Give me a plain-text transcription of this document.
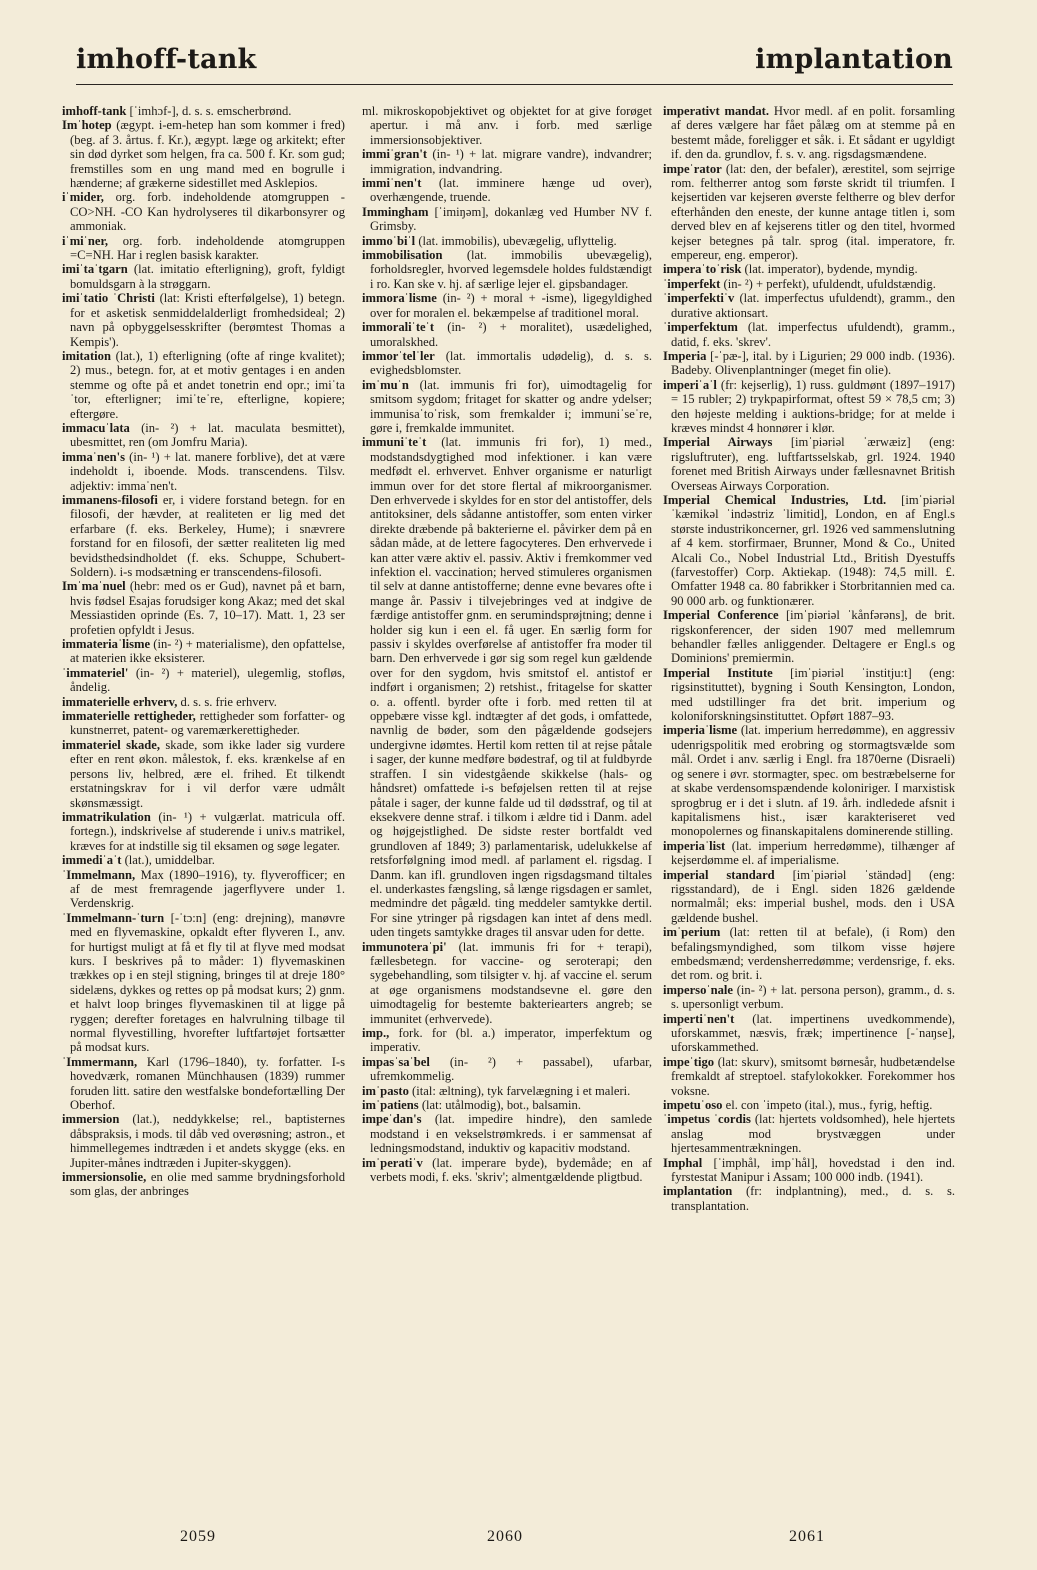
imhoff-tank	implantation

imhoff-tank [ˈimhɔf-], d. s. s. emscherbrønd.

Imˈhotep (ægypt. i-em-hetep han som kommer i fred) (beg. af 3. årtus. f. Kr.), ægypt. læge og arkitekt; efter sin død dyrket som helgen, fra ca. 500 f. Kr. som gud; fremstilles som en ung mand med en bogrulle i hænderne; af grækerne sidestillet med Asklepios.

iˈmider, org. forb. indeholdende atomgruppen -CO>NH. -CO Kan hydrolyseres til dikarbonsyrer og ammoniak.

iˈmiˈner, org. forb. indeholdende atomgruppen =C=NH. Har i reglen basisk karakter.

imiˈtaˈtgarn (lat. imitatio efterligning), groft, fyldigt bomuldsgarn à la strøggarn.

imiˈtatio ˈChristi (lat: Kristi efterfølgelse), 1) betegn. for et asketisk senmiddelalderligt fromhedsideal; 2) navn på opbyggelsesskrifter (berømtest Thomas a Kempis').

imitation (lat.), 1) efterligning (ofte af ringe kvalitet); 2) mus., betegn. for, at et motiv gentages i en anden stemme og ofte på et andet tonetrin end opr.; imiˈtaˈtor, efterligner; imiˈteˈre, efterligne, kopiere; eftergøre.

immacuˈlata (in- ²) + lat. maculata besmittet), ubesmittet, ren (om Jomfru Maria).

immaˈnen's (in- ¹) + lat. manere forblive), det at være indeholdt i, iboende. Mods. transcendens. Tilsv. adjektiv: immaˈnen't.

immanens-filosofi er, i videre forstand betegn. for en filosofi, der hævder, at realiteten er lig med det erfarbare (f. eks. Berkeley, Hume); i snævrere forstand for en filosofi, der sætter realiteten lig med bevidsthedsindholdet (f. eks. Schuppe, Schubert-Soldern). i-s modsætning er transcendens-filosofi.

Imˈmaˈnuel (hebr: med os er Gud), navnet på et barn, hvis fødsel Esajas forudsiger kong Akaz; med det skal Messiastiden oprinde (Es. 7, 10–17). Matt. 1, 23 ser profetien opfyldt i Jesus.

immateriaˈlisme (in- ²) + materialisme), den opfattelse, at materien ikke eksisterer.

ˈimmateriel' (in- ²) + materiel), ulegemlig, stofløs, åndelig.

immaterielle erhverv, d. s. s. frie erhverv.

immaterielle rettigheder, rettigheder som forfatter- og kunstnerret, patent- og varemærkerettigheder.

immateriel skade, skade, som ikke lader sig vurdere efter en rent økon. målestok, f. eks. krænkelse af en persons liv, helbred, ære el. frihed. Et tilkendt erstatningskrav for i vil derfor være udmålt skønsmæssigt.

immatrikulation (in- ¹) + vulgærlat. matricula off. fortegn.), indskrivelse af studerende i univ.s matrikel, kræves for at indstille sig til eksamen og søge legater.

immediˈaˈt (lat.), umiddelbar.

ˈImmelmann, Max (1890–1916), ty. flyverofficer; en af de mest fremragende jagerflyvere under 1. Verdenskrig.

ˈImmelmann-ˈturn [-ˈtɔ:n] (eng: drejning), manøvre med en flyvemaskine, opkaldt efter flyveren I., anv. for hurtigst muligt at få et fly til at flyve med modsat kurs. I beskrives på to måder: 1) flyvemaskinen trækkes op i en stejl stigning, bringes til at dreje 180° sidelæns, dykkes og rettes op på modsat kurs; 2) gnm. et halvt loop bringes flyvemaskinen til at ligge på ryggen; derefter foretages en halvrulning tilbage til normal flyvestilling, hvorefter luftfartøjet fortsætter på modsat kurs.

ˈImmermann, Karl (1796–1840), ty. forfatter. I-s hovedværk, romanen Münchhausen (1839) rummer foruden litt. satire den westfalske bondefortælling Der Oberhof.

immersion (lat.), neddykkelse; rel., baptisternes dåbspraksis, i mods. til dåb ved overøsning; astron., et himmellegemes indtræden i et andets skygge (eks. en Jupiter-månes indtræden i Jupiter-skyggen).

immersionsolie, en olie med samme brydningsforhold som glas, der anbringes

ml. mikroskopobjektivet og objektet for at give forøget apertur. i må anv. i forb. med særlige immersionsobjektiver.

immiˈgran't (in- ¹) + lat. migrare vandre), indvandrer; immigration, indvandring.

immiˈnen't (lat. imminere hænge ud over), overhængende, truende.

Immingham [ˈimiŋəm], dokanlæg ved Humber NV f. Grimsby.

immoˈbiˈl (lat. immobilis), ubevægelig, uflyttelig.

immobilisation (lat. immobilis ubevægelig), forholdsregler, hvorved legemsdele holdes fuldstændigt i ro. Kan ske v. hj. af særlige lejer el. gipsbandager.

immoraˈlisme (in- ²) + moral + -isme), ligegyldighed over for moralen el. bekæmpelse af traditionel moral.

immoraliˈteˈt (in- ²) + moralitet), usædelighed, umoralskhed.

immorˈtelˈler (lat. immortalis udødelig), d. s. s. evighedsblomster.

imˈmuˈn (lat. immunis fri for), uimodtagelig for smitsom sygdom; fritaget for skatter og andre ydelser; immunisaˈtoˈrisk, som fremkalder i; immuniˈseˈre, gøre i, fremkalde immunitet.

immuniˈteˈt (lat. immunis fri for), 1) med., modstandsdygtighed mod infektioner. i kan være medfødt el. erhvervet. Enhver organisme er naturligt immun over for det store flertal af mikroorganismer. Den erhvervede i skyldes for en stor del antistoffer, dels antitoksiner, dels sådanne antistoffer, som enten virker direkte dræbende på bakterierne el. påvirker dem på en sådan måde, at de lettere fagocyteres. Den erhvervede i kan atter være aktiv el. passiv. Aktiv i fremkommer ved infektion el. vaccination; herved stimuleres organismen til selv at danne antistofferne; denne evne bevares ofte i mange år. Passiv i tilvejebringes ved at indgive de færdige antistoffer gnm. en serumindsprøjtning; denne i holder sig kun i een el. få uger. En særlig form for passiv i skyldes overførelse af antistoffer fra moder til barn. Den erhvervede i gør sig som regel kun gældende over for den sygdom, hvis smitstof el. antistof er indført i organismen; 2) retshist., fritagelse for skatter o. a. offentl. byrder ofte i forb. med retten til at oppebære visse kgl. indtægter af det gods, i omfattede, navnlig de bøder, som den pågældende godsejers undergivne idømtes. Hertil kom retten til at rejse påtale i sager, der kunne medføre bødestraf, og til at fuldbyrde straffen. I sin videstgående skikkelse (hals- og håndsret) omfattede i-s beføjelsen retten til at rejse påtale i sager, der kunne falde ud til dødsstraf, og til at eksekvere denne straf. i tilkom i ældre tid i Danm. adel og højgejstlighed. De sidste rester bortfaldt ved grundloven af 1849; 3) parlamentarisk, udelukkelse af retsforfølgning imod medl. af parlament el. rigsdag. I Danm. kan ifl. grundloven ingen rigsdagsmand tiltales el. underkastes fængsling, så længe rigsdagen er samlet, medmindre det pågæld. ting meddeler samtykke dertil. For sine ytringer på rigsdagen kan intet af dens medl. uden tingets samtykke drages til ansvar uden for dette.

immunoteraˈpi' (lat. immunis fri for + terapi), fællesbetegn. for vaccine- og seroterapi; den sygebehandling, som tilsigter v. hj. af vaccine el. serum at øge organismens modstandsevne el. gøre den uimodtagelig for bestemte bakteriearters angreb; se immunitet (erhvervede).

imp., fork. for (bl. a.) imperator, imperfektum og imperativ.

impasˈsaˈbel (in- ²) + passabel), ufarbar, ufremkommelig.

imˈpasto (ital: æltning), tyk farvelægning i et maleri.

imˈpatiens (lat: utålmodig), bot., balsamin.

impeˈdan's (lat. impedire hindre), den samlede modstand i en vekselstrømkreds. i er sammensat af ledningsmodstand, induktiv og kapacitiv modstand.

imˈperatiˈv (lat. imperare byde), bydemåde; en af verbets modi, f. eks. 'skriv'; almentgældende pligtbud.

imperativt mandat. Hvor medl. af en polit. forsamling af deres vælgere har fået pålæg om at stemme på en bestemt måde, foreligger et såk. i. Et sådant er ugyldigt if. den da. grundlov, f. s. v. ang. rigsdagsmændene.

impeˈrator (lat: den, der befaler), ærestitel, som sejrrige rom. feltherrer antog som første skridt til triumfen. I kejsertiden var kejseren øverste feltherre og blev derfor efterhånden den eneste, der kunne antage titlen i, som derved blev en af kejserens titler og den titel, hvormed kejser betegnes på talr. sprog (ital. imperatore, fr. empereur, eng. emperor).

imperaˈtoˈrisk (lat. imperator), bydende, myndig.

ˈimperfekt (in- ²) + perfekt), ufuldendt, ufuldstændig.

ˈimperfektiˈv (lat. imperfectus ufuldendt), gramm., den durative aktionsart.

ˈimperfektum (lat. imperfectus ufuldendt), gramm., datid, f. eks. 'skrev'.

Imperia [-ˈpæ-], ital. by i Ligurien; 29 000 indb. (1936). Badeby. Olivenplantninger (meget fin olie).

imperiˈaˈl (fr: kejserlig), 1) russ. guldmønt (1897–1917) = 15 rubler; 2) trykpapirformat, oftest 59 × 78,5 cm; 3) den højeste melding i auktions-bridge; for at melde i kræves mindst 4 honnører i klør.

Imperial Airways [imˈpiəriəl ˈærwæiz] (eng: rigsluftruter), eng. luftfartsselskab, grl. 1924. 1940 forenet med British Airways under fællesnavnet British Overseas Airways Corporation.

Imperial Chemical Industries, Ltd. [imˈpiəriəl ˈkæmikəl ˈindəstriz ˈlimitid], London, en af Engl.s største industrikoncerner, grl. 1926 ved sammenslutning af 4 kem. storfirmaer, Brunner, Mond & Co., United Alcali Co., Nobel Industrial Ltd., British Dyestuffs (farvestoffer) Corp. Aktiekap. (1948): 74,5 mill. £. Omfatter 1948 ca. 80 fabrikker i Storbritannien med ca. 90 000 arb. og funktionærer.

Imperial Conference [imˈpiəriəl ˈkånfərəns], de brit. rigskonferencer, der siden 1907 med mellemrum behandler fælles anliggender. Deltagere er Engl.s og Dominions' premiermin.

Imperial Institute [imˈpiəriəl ˈinstitju:t] (eng: rigsinstituttet), bygning i South Kensington, London, med udstillinger fra det brit. imperium og koloniforskningsinstituttet. Opført 1887–93.

imperiaˈlisme (lat. imperium herredømme), en aggressiv udenrigspolitik med erobring og stormagtsvælde som mål. Ordet i anv. særlig i Engl. fra 1870erne (Disraeli) og senere i øvr. stormagter, spec. om bestræbelserne for at skabe verdensomspændende koloniriger. I marxistisk sprogbrug er i det i slutn. af 19. årh. indledede afsnit i kapitalismens hist., især karakteriseret ved monopolernes og finanskapitalens dominerende stilling.

imperiaˈlist (lat. imperium herredømme), tilhænger af kejserdømme el. af imperialisme.

imperial standard [imˈpiəriəl ˈständəd] (eng: rigsstandard), de i Engl. siden 1826 gældende normalmål; eks: imperial bushel, mods. den i USA gældende bushel.

imˈperium (lat: retten til at befale), (i Rom) den befalingsmyndighed, som tilkom visse højere embedsmænd; verdensherredømme; verdensrige, f. eks. det rom. og brit. i.

impersoˈnale (in- ²) + lat. persona person), gramm., d. s. s. upersonligt verbum.

impertiˈnen't (lat. impertinens uvedkommende), uforskammet, næsvis, fræk; impertinence [-ˈnaŋse], uforskammethed.

impeˈtigo (lat: skurv), smitsomt børnesår, hudbetændelse fremkaldt af streptoel. stafylokokker. Forekommer hos voksne.

impetuˈoso el. con ˈimpeto (ital.), mus., fyrig, heftig.

ˈimpetus ˈcordis (lat: hjertets voldsomhed), hele hjertets anslag mod brystvæggen under hjertesammentrækningen.

Imphal [ˈimphål, impˈhål], hovedstad i den ind. fyrstestat Manipur i Assam; 100 000 indb. (1941).

implantation (fr: indplantning), med., d. s. s. transplantation.

2059	2060	2061
